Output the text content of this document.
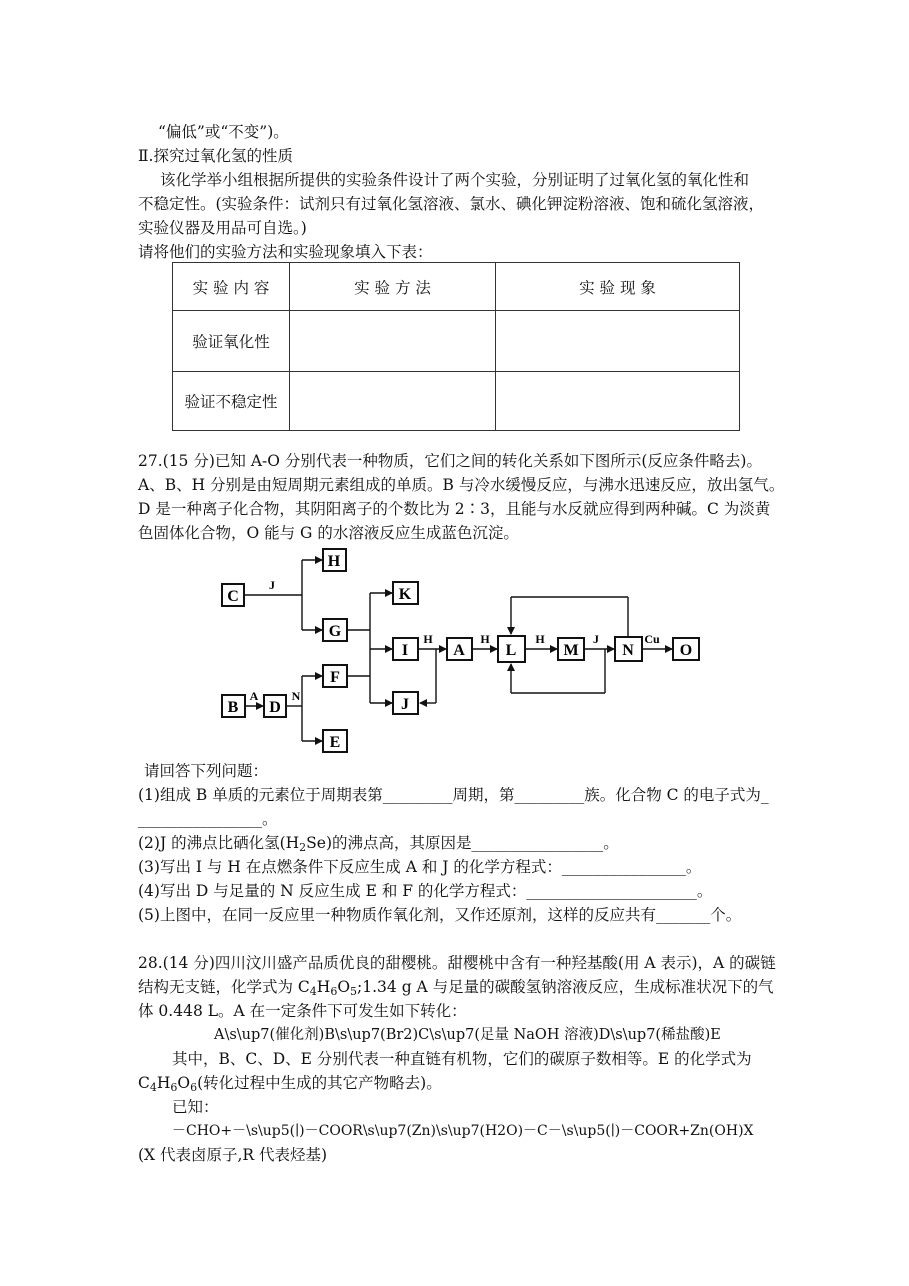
“偏低”或“不变”)。
Ⅱ.探究过氧化氢的性质
该化学举小组根据所提供的实验条件设计了两个实验，分别证明了过氧化氢的氧化性和
不稳定性。(实验条件：试剂只有过氧化氢溶液、氯水、碘化钾淀粉溶液、饱和硫化氢溶液，
实验仪器及用品可自选。)
请将他们的实验方法和实验现象填入下表：
实 验 内 容	实 验 方 法	实 验 现 象
验证氧化性		
验证不稳定性		
27.(15 分)已知 A-O 分别代表一种物质，它们之间的转化关系如下图所示(反应条件略去)。
A、B、H 分别是由短周期元素组成的单质。B 与冷水缓慢反应，与沸水迅速反应，放出氢气。
D 是一种离子化合物，其阴阳离子的个数比为 2∶3，且能与水反就应得到两种碱。C 为淡黄
色固体化合物，O 能与 G 的水溶液反应生成蓝色沉淀。
C
H
G
F
E
K
I
J
A	L	M	N	O
B D
J
H	H	H	J	Cu
A	N
请回答下列问题：
(1)组成 B 单质的元素位于周期表第_________周期，第_________族。化合物 C 的电子式为_
________________。
(2)J 的沸点比硒化氢$(H_2Se)$的沸点高，其原因是_________________。
(3)写出 I 与 H 在点燃条件下反应生成 A 和 J 的化学方程式：________________。
(4)写出 D 与足量的 N 反应生成 E 和 F 的化学方程式：______________________。
(5)上图中，在同一反应里一种物质作氧化剂，又作还原剂，这样的反应共有_______个。
28.(14 分)四川汶川盛产品质优良的甜樱桃。甜樱桃中含有一种羟基酸(用 A 表示)，A 的碳链
结构无支链，化学式为 $C_4H_6O_5;1.34$ g A 与足量的碳酸氢钠溶液反应，生成标准状况下的气
体 0.448 L。A 在一定条件下可发生如下转化：
A\s\up7(催化剂)B\s\up7(Br2)C\s\up7(足量 NaOH 溶液)D\s\up7(稀盐酸)E
其中，B、C、D、E 分别代表一种直链有机物，它们的碳原子数相等。E 的化学式为
$C_4H_6O_6$(转化过程中生成的其它产物略去)。
已知：
－CHO+－\s\up5(∣)－COOR\s\up7(Zn)\s\up7(H2O)－C－\s\up5(∣)－COOR+Zn(OH)X
(X 代表卤原子,R 代表烃基)
